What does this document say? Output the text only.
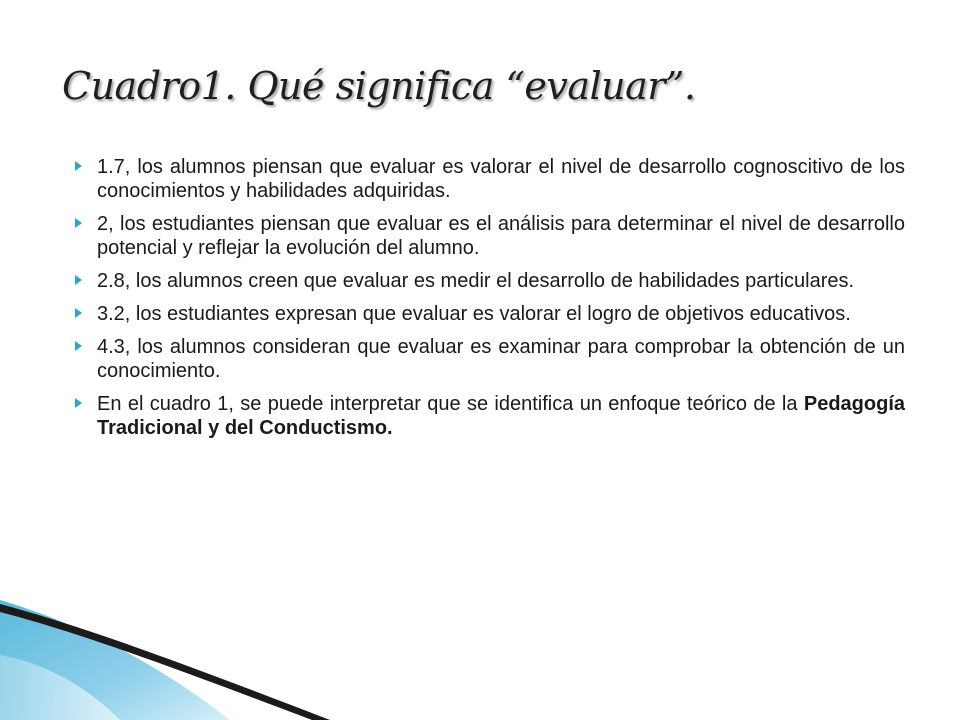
Cuadro1. Qué significa “evaluar”.
1.7, los alumnos piensan que evaluar es valorar el nivel de desarrollo cognoscitivo de los conocimientos y habilidades adquiridas.
2, los estudiantes piensan que evaluar es el análisis para determinar el nivel de desarrollo potencial y reflejar la evolución del alumno.
2.8, los alumnos creen que evaluar es medir el desarrollo de habilidades particulares.
3.2, los estudiantes expresan que evaluar es valorar el logro de objetivos educativos.
4.3, los alumnos consideran que evaluar es examinar para comprobar la obtención de un conocimiento.
En el cuadro 1, se puede interpretar que se identifica un enfoque teórico de la Pedagogía Tradicional y del Conductismo.
